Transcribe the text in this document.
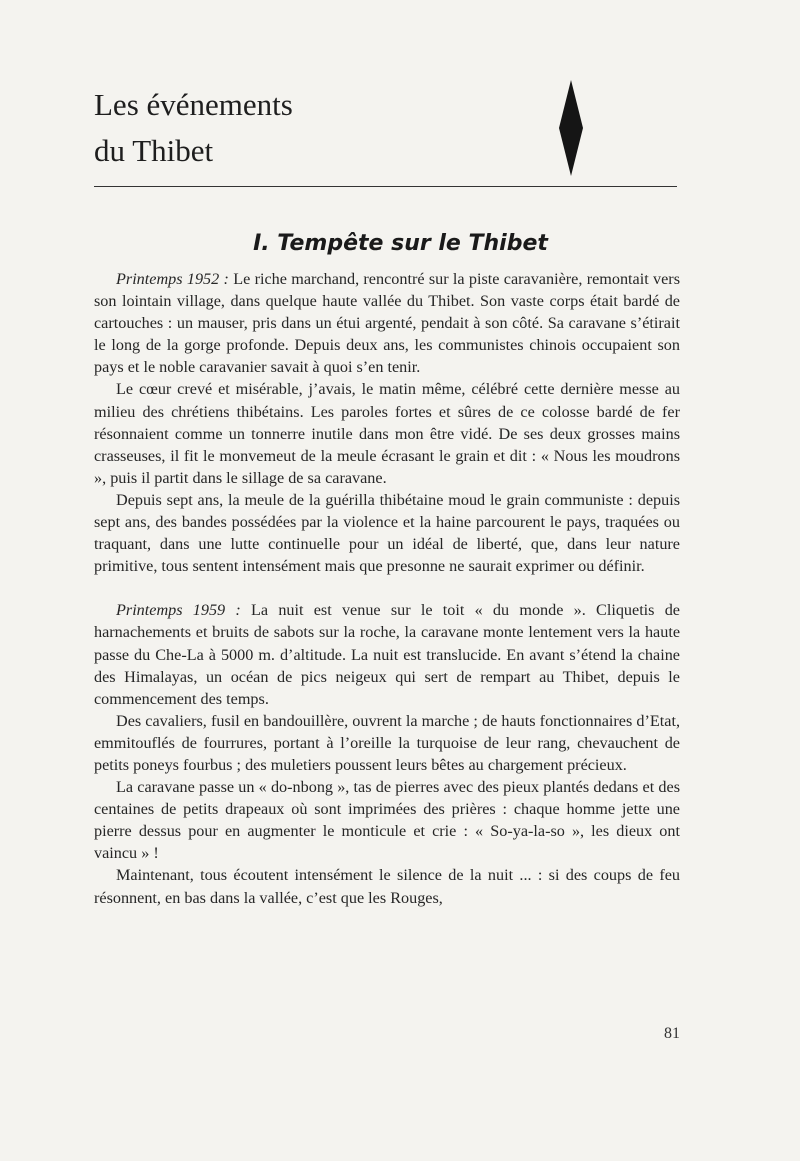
Les événements
du Thibet
I. Tempête sur le Thibet

Printemps 1952 : Le riche marchand, rencontré sur la piste caravanière, remontait vers son lointain village, dans quelque haute vallée du Thibet. Son vaste corps était bardé de cartouches : un mauser, pris dans un étui argenté, pendait à son côté. Sa caravane s’étirait le long de la gorge profonde. Depuis deux ans, les communistes chinois occupaient son pays et le noble caravanier savait à quoi s’en tenir.

Le cœur crevé et misérable, j’avais, le matin même, célébré cette dernière messe au milieu des chrétiens thibétains. Les paroles fortes et sûres de ce colosse bardé de fer résonnaient comme un tonnerre inutile dans mon être vidé. De ses deux grosses mains crasseuses, il fit le monvemeut de la meule écrasant le grain et dit : « Nous les moudrons », puis il partit dans le sillage de sa caravane.

Depuis sept ans, la meule de la guérilla thibétaine moud le grain communiste : depuis sept ans, des bandes possédées par la violence et la haine parcourent le pays, traquées ou traquant, dans une lutte continuelle pour un idéal de liberté, que, dans leur nature primitive, tous sentent intensément mais que presonne ne saurait exprimer ou définir.

Printemps 1959 : La nuit est venue sur le toit « du monde ». Cliquetis de harnachements et bruits de sabots sur la roche, la caravane monte lentement vers la haute passe du Che-La à 5000 m. d’altitude. La nuit est translucide. En avant s’étend la chaine des Himalayas, un océan de pics neigeux qui sert de rempart au Thibet, depuis le commencement des temps.

Des cavaliers, fusil en bandouillère, ouvrent la marche ; de hauts fonctionnaires d’Etat, emmitouflés de fourrures, portant à l’oreille la turquoise de leur rang, chevauchent de petits poneys fourbus ; des muletiers poussent leurs bêtes au chargement précieux.

La caravane passe un « do-nbong », tas de pierres avec des pieux plantés dedans et des centaines de petits drapeaux où sont imprimées des prières : chaque homme jette une pierre dessus pour en augmenter le monticule et crie : « So-ya-la-so », les dieux ont vaincu » !

Maintenant, tous écoutent intensément le silence de la nuit ... : si des coups de feu résonnent, en bas dans la vallée, c’est que les Rouges,

81
